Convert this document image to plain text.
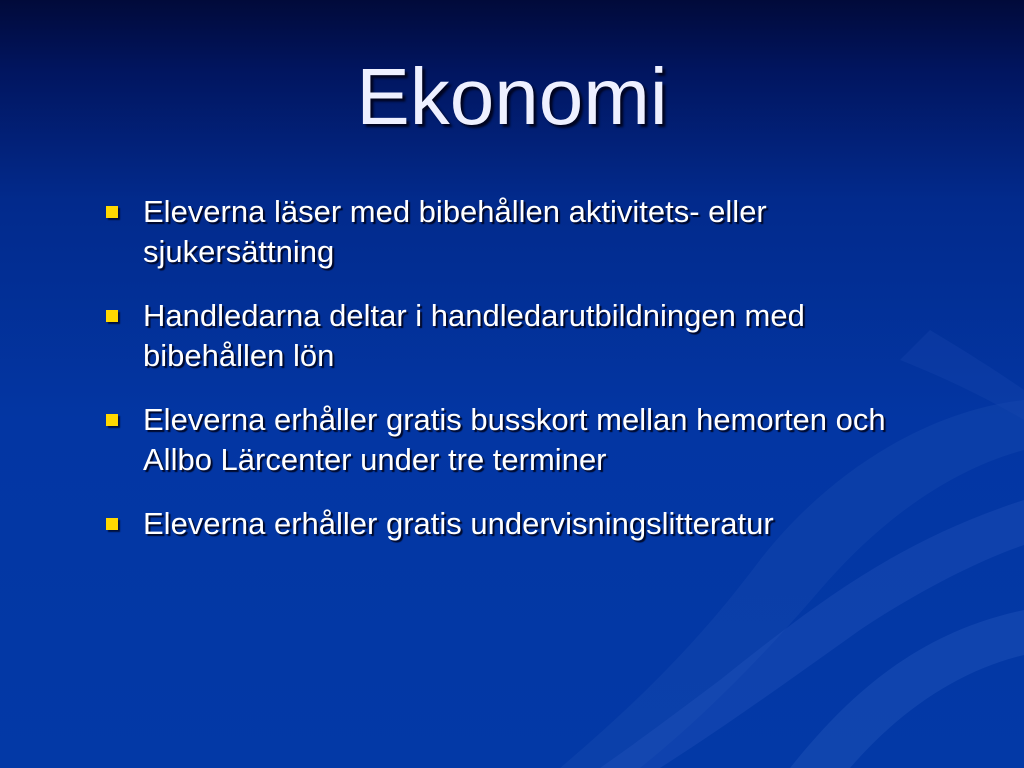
Ekonomi
Eleverna läser med bibehållen aktivitets- eller sjukersättning
Handledarna deltar i handledarutbildningen med bibehållen lön
Eleverna erhåller gratis busskort mellan hemorten och Allbo Lärcenter under tre terminer
Eleverna erhåller gratis undervisningslitteratur
